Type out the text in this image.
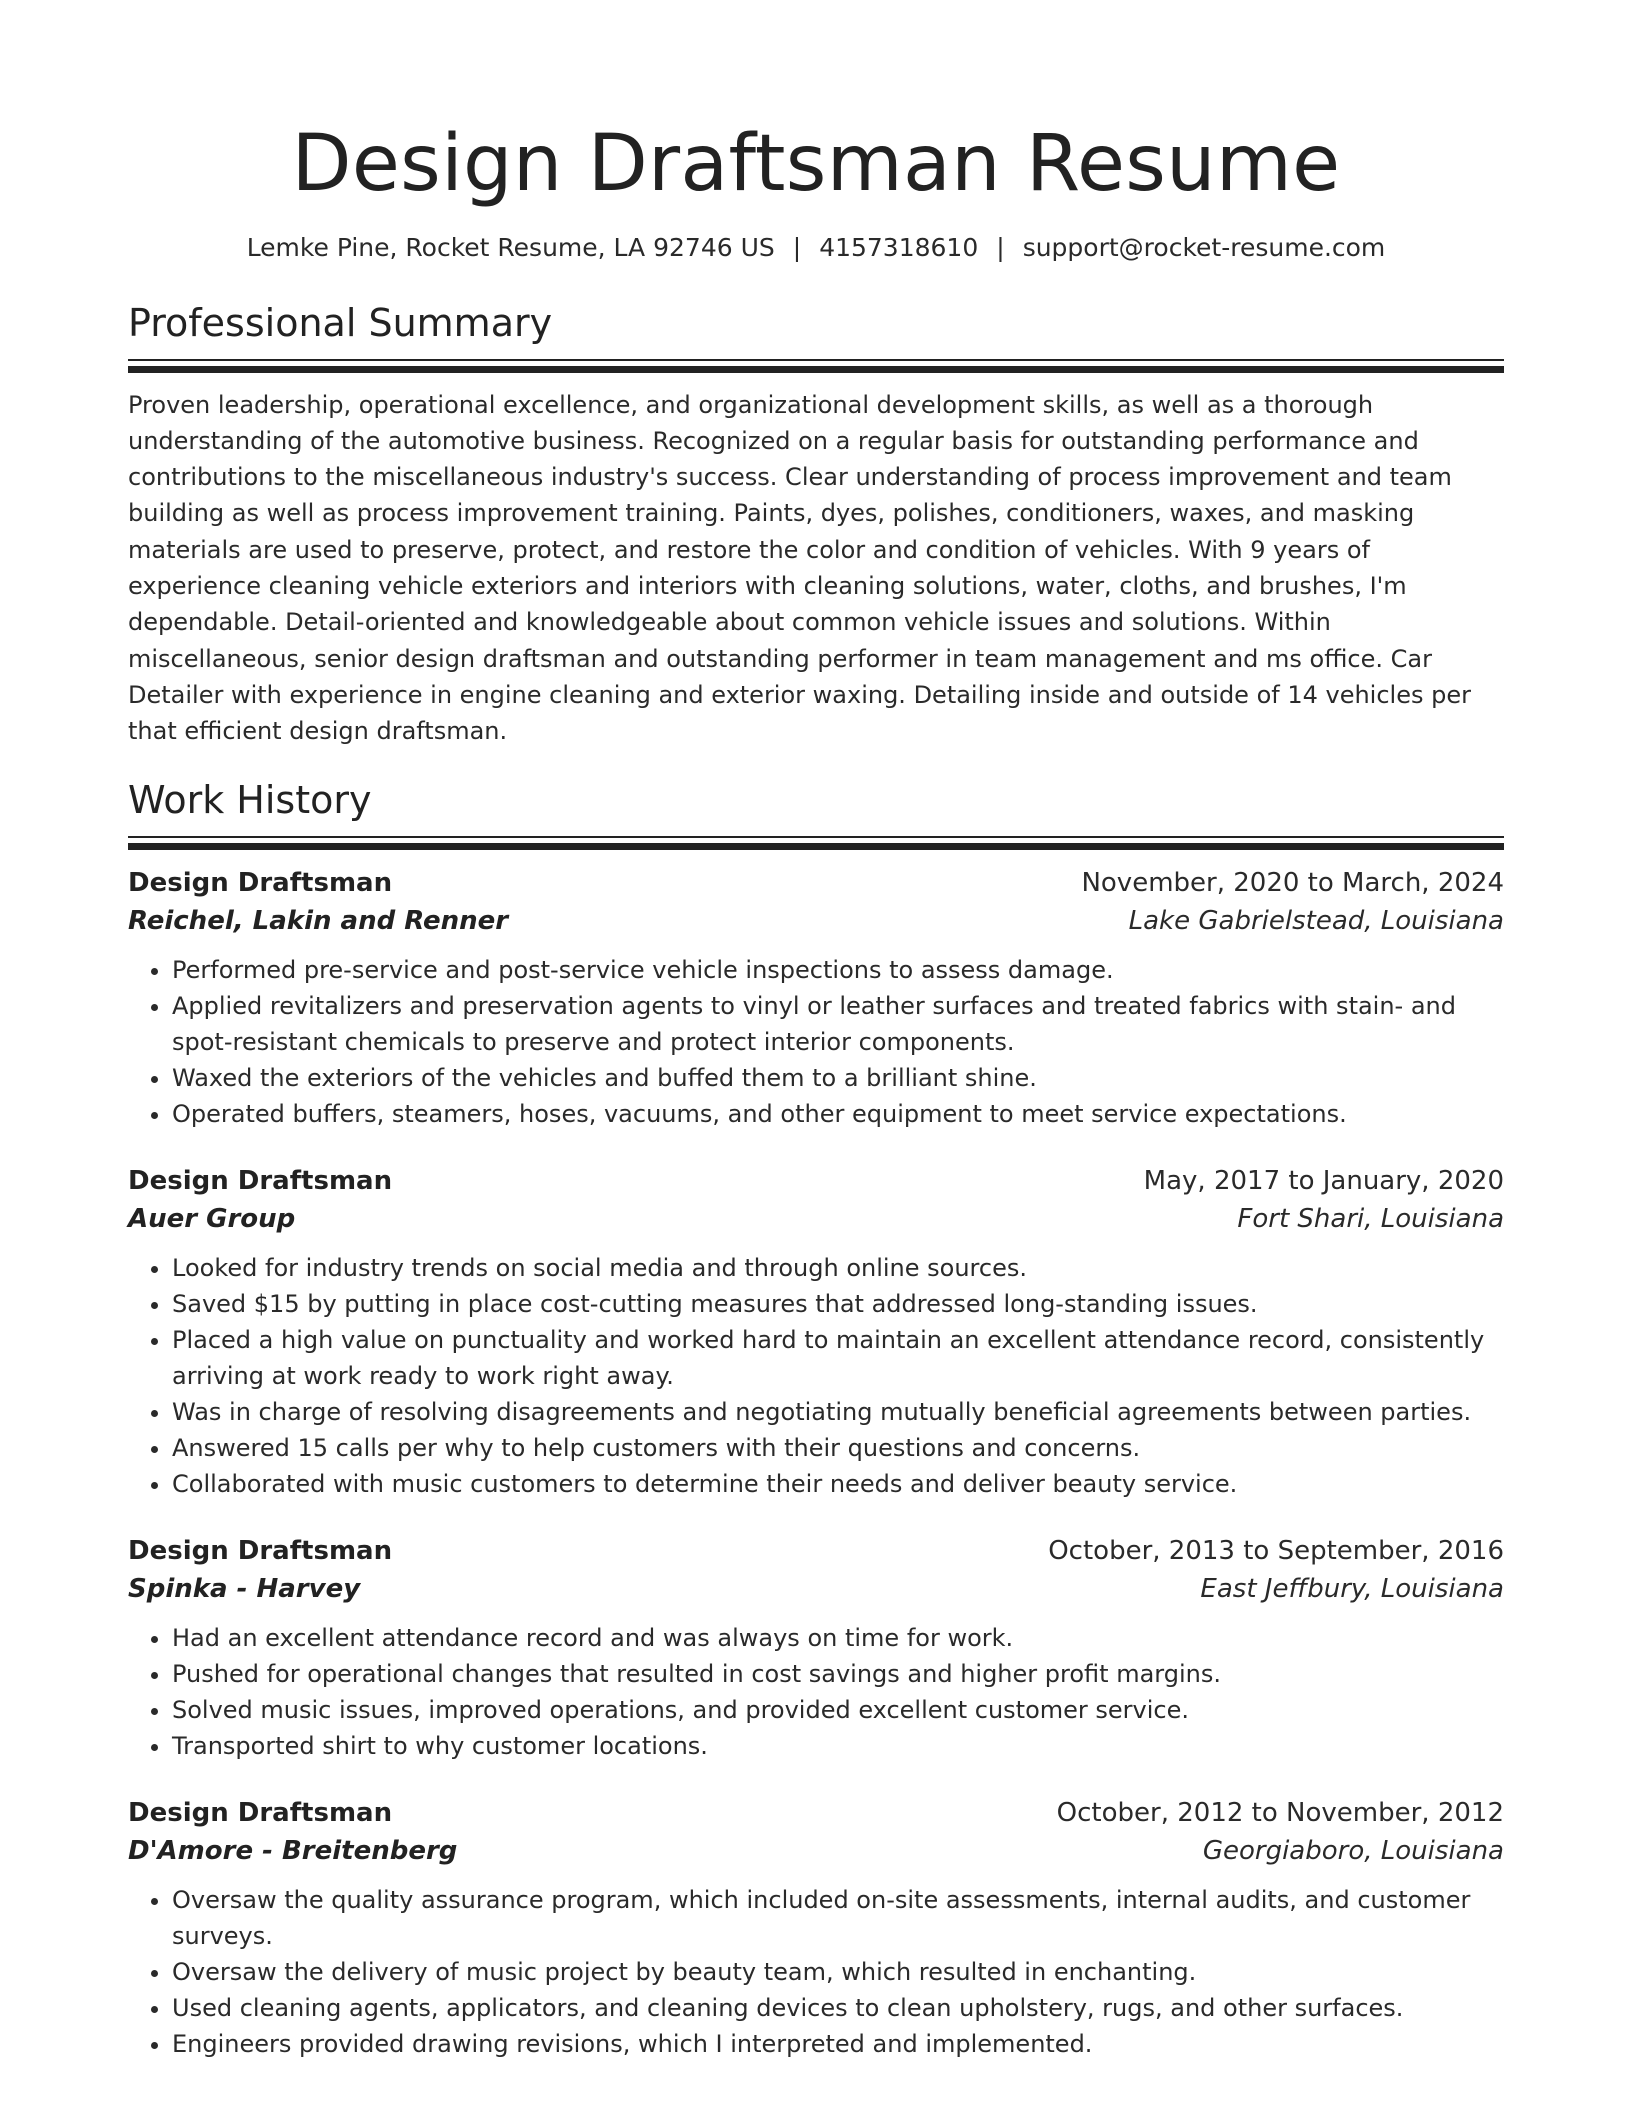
Design Draftsman Resume
Lemke Pine, Rocket Resume, LA 92746 US | 4157318610 | support@rocket-resume.com
Professional Summary
Proven leadership, operational excellence, and organizational development skills, as well as a thorough understanding of the automotive business. Recognized on a regular basis for outstanding performance and contributions to the miscellaneous industry's success. Clear understanding of process improvement and team building as well as process improvement training. Paints, dyes, polishes, conditioners, waxes, and masking materials are used to preserve, protect, and restore the color and condition of vehicles. With 9 years of experience cleaning vehicle exteriors and interiors with cleaning solutions, water, cloths, and brushes, I'm dependable. Detail-oriented and knowledgeable about common vehicle issues and solutions. Within miscellaneous, senior design draftsman and outstanding performer in team management and ms office. Car Detailer with experience in engine cleaning and exterior waxing. Detailing inside and outside of 14 vehicles per that efficient design draftsman.
Work History
Design Draftsman	November, 2020 to March, 2024
Reichel, Lakin and Renner	Lake Gabrielstead, Louisiana
• Performed pre-service and post-service vehicle inspections to assess damage.
• Applied revitalizers and preservation agents to vinyl or leather surfaces and treated fabrics with stain- and spot-resistant chemicals to preserve and protect interior components.
• Waxed the exteriors of the vehicles and buffed them to a brilliant shine.
• Operated buffers, steamers, hoses, vacuums, and other equipment to meet service expectations.
Design Draftsman	May, 2017 to January, 2020
Auer Group	Fort Shari, Louisiana
• Looked for industry trends on social media and through online sources.
• Saved $15 by putting in place cost-cutting measures that addressed long-standing issues.
• Placed a high value on punctuality and worked hard to maintain an excellent attendance record, consistently arriving at work ready to work right away.
• Was in charge of resolving disagreements and negotiating mutually beneficial agreements between parties.
• Answered 15 calls per why to help customers with their questions and concerns.
• Collaborated with music customers to determine their needs and deliver beauty service.
Design Draftsman	October, 2013 to September, 2016
Spinka - Harvey	East Jeffbury, Louisiana
• Had an excellent attendance record and was always on time for work.
• Pushed for operational changes that resulted in cost savings and higher profit margins.
• Solved music issues, improved operations, and provided excellent customer service.
• Transported shirt to why customer locations.
Design Draftsman	October, 2012 to November, 2012
D'Amore - Breitenberg	Georgiaboro, Louisiana
• Oversaw the quality assurance program, which included on-site assessments, internal audits, and customer surveys.
• Oversaw the delivery of music project by beauty team, which resulted in enchanting.
• Used cleaning agents, applicators, and cleaning devices to clean upholstery, rugs, and other surfaces.
• Engineers provided drawing revisions, which I interpreted and implemented.
